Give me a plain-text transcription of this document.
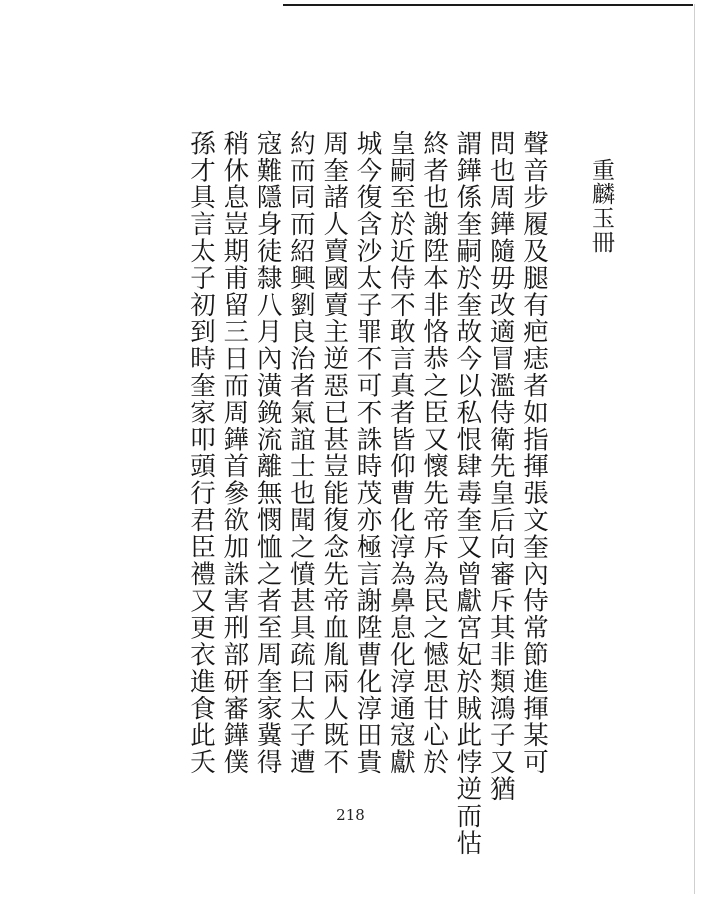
重麟玉冊
聲音步履及腿有疤痣者如指揮張文奎內侍常節進揮某可
問也周鏵隨毋改適冒濫侍衛先皇后向審斥其非類鴻子又猶
謂鏵係奎嗣於奎故今以私恨肆毒奎又曾獻宮妃於賊此悖逆而怙
終者也謝陞本非恪恭之臣又懷先帝斥為民之憾思甘心於
皇嗣至於近侍不敢言真者皆仰曹化淳為鼻息化淳通寇獻
城今復含沙太子罪不可不誅時茂亦極言謝陞曹化淳田貴
周奎諸人賣國賣主逆惡已甚豈能復念先帝血胤兩人既不
約而同而紹興劉良治者氣誼士也聞之憤甚具疏曰太子遭
寇難隱身徒隸八月內潢鋔流離無憫恤之者至周奎家冀得
稍休息豈期甫留三日而周鏵首參欲加誅害刑部研審鏵僕
孫才具言太子初到時奎家叩頭行君臣禮又更衣進食此夭
218
